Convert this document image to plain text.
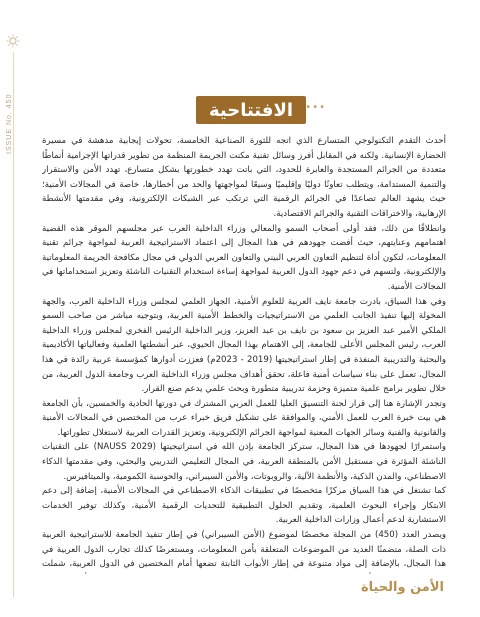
ISSUE No. 450	الافتتاحية •••

أحدث التقدم التكنولوجي المتسارع الذي اتجه للثورة الصناعية الخامسة، تحولات إيجابية مدهشة في مسيرة الحضارة الإنسانية. ولكنه في المقابل أفرز وسائل تقنية مكنت الجريمة المنظمة من تطوير قدراتها الإجرامية أنماطًا متعددة من الجرائم المستجدة والعابرة للحدود، التي باتت تهدد خطورتها بشكل متسارع، تهدد الأمن والاستقرار والتنمية المستدامة، ويتطلب تعاونًا دوليًا وإقليميًا وسيعًا لمواجهتها والحد من أخطارها، خاصة في المجالات الأمنية؛ حيث يشهد العالم تصاعدًا في الجرائم الرقمية التي ترتكب عبر الشبكات الإلكترونية، وفي مقدمتها الأنشطة الإرهابية، والاختراقات التقنية والجرائم الاقتصادية.

وانطلاقًا من ذلك، فقد أولى أصحاب السمو والمعالي وزراء الداخلية العرب عبر مجلسهم الموقر هذه القضية اهتمامهم وعنايتهم، حيث أفضت جهودهم في هذا المجال إلى اعتماد الاستراتيجية العربية لمواجهة جرائم تقنية المعلومات، لتكون أداة لتنظيم التعاون العربي البيني والتعاون العربي الدولي في مجال مكافحة الجريمة المعلوماتية والإلكترونية، ولتسهم في دعم جهود الدول العربية لمواجهة إساءة استخدام التقنيات الناشئة وتعزيز استخداماتها في المجالات الأمنية.

وفي هذا السياق، بادرت جامعة نايف العربية للعلوم الأمنية، الجهاز العلمي لمجلس وزراء الداخلية العرب، والجهة المخولة إليها تنفيذ الجانب العلمي من الاستراتيجيات والخطط الأمنية العربية، وبتوجيه مباشر من صاحب السمو الملكي الأمير عبد العزيز بن سعود بن نايف بن عبد العزيز، وزير الداخلية الرئيس الفخري لمجلس وزراء الداخلية العرب، رئيس المجلس الأعلى للجامعة، إلى الاهتمام بهذا المجال الحيوي، عبر أنشطتها العلمية وفعالياتها الأكاديمية والبحثية والتدريبية المنفذة في إطار استراتيجيتها (2019 - 2023م) فعززت أدوارها كمؤسسة عربية رائدة في هذا المجال، تعمل على بناء سياسات أمنية فاعلة، تحقق أهداف مجلس وزراء الداخلية العرب وجامعة الدول العربية، من خلال تطوير برامج علمية متميزة وحزمة تدريبية متطورة وبحث علمي يدعم صنع القرار.

وتجدر الإشارة هنا إلى قرار لجنة التنسيق العليا للعمل العربي المشترك في دورتها الحادية والخمسين، بأن الجامعة هي بيت خبرة العرب للعمل الأمني، والموافقة على تشكيل فريق خبراء عرب من المختصين في المجالات الأمنية والقانونية والفنية وسائر الجهات المعنية لمواجهة الجرائم الإلكترونية، وتعزيز القدرات العربية لاستغلال تطوراتها.

واستمرارًا لجهودها في هذا المجال، ستركز الجامعة بإذن الله في استراتيجيتها (NAUSS 2029) على التقنيات الناشئة المؤثرة في مستقبل الأمن بالمنطقة العربية، في المجال التعليمي التدريبي والبحثي، وفي مقدمتها الذكاء الاصطناعي، والمدن الذكية، والأنظمة الآلية، والروبوتات، والأمن السيبراني، والحوسبة الكمومية، والميتافيرس.

كما تشتغل في هذا السياق مركزًا متخصصًا في تطبيقات الذكاء الاصطناعي في المجالات الأمنية، إضافة إلى دعم الابتكار وإجراء البحوث العلمية، وتقديم الحلول التطبيقية للتحديات الرقمية الأمنية، وكذلك توفير الخدمات الاستشارية لدعم أعمال وزارات الداخلية العربية.

ويصدر العدد (450) من المجلة مخصصًا لموضوع (الأمن السيبراني) في إطار تنفيذ الجامعة للاستراتيجية العربية ذات الصلة، متضمنًا العديد من الموضوعات المتعلقة بأمن المعلومات، ومستعرضًا كذلك تجارب الدول العربية في هذا المجال، بالإضافة إلى مواد متنوعة في إطار الأبواب الثابتة تضعها أمام المختصين في الدول العربية، شملت

الأمن والحياة
